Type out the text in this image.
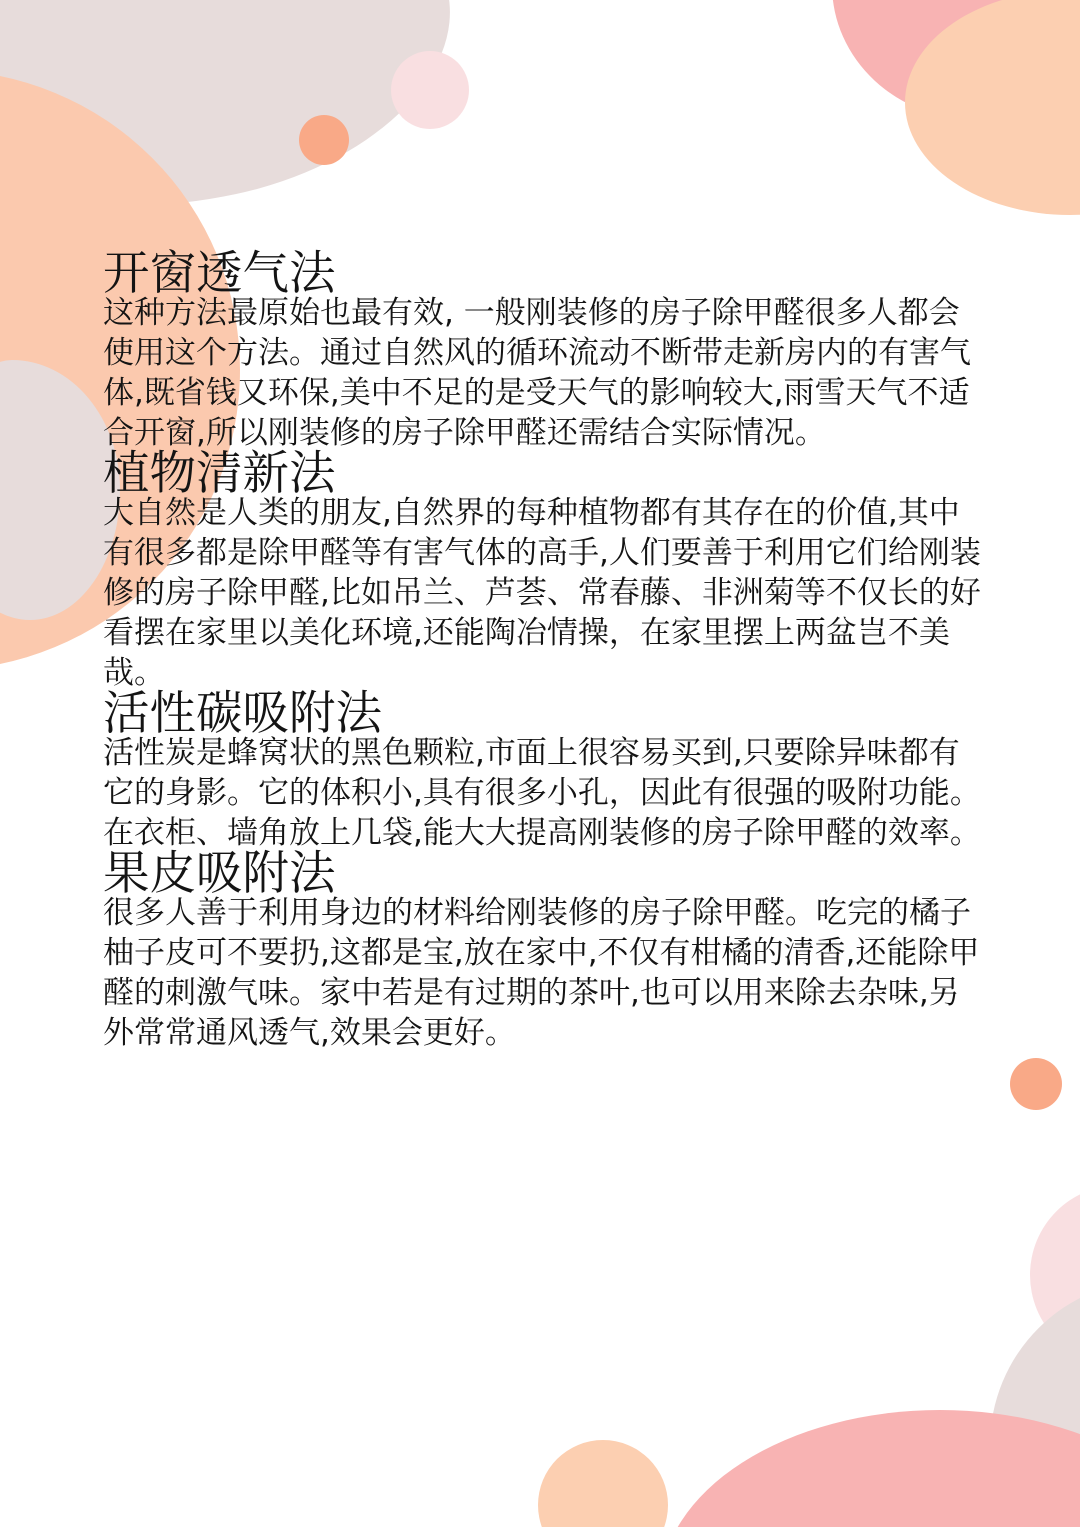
开窗透气法

这种方法最原始也最有效, 一般刚装修的房子除甲醛很多人都会使用这个方法。通过自然风的循环流动不断带走新房内的有害气体,既省钱又环保,美中不足的是受天气的影响较大,雨雪天气不适合开窗,所以刚装修的房子除甲醛还需结合实际情况。

植物清新法

大自然是人类的朋友,自然界的每种植物都有其存在的价值,其中有很多都是除甲醛等有害气体的高手,人们要善于利用它们给刚装修的房子除甲醛,比如吊兰、芦荟、常春藤、非洲菊等不仅长的好看摆在家里以美化环境,还能陶冶情操，在家里摆上两盆岂不美哉。

活性碳吸附法

活性炭是蜂窝状的黑色颗粒,市面上很容易买到,只要除异味都有它的身影。它的体积小,具有很多小孔，因此有很强的吸附功能。在衣柜、墙角放上几袋,能大大提高刚装修的房子除甲醛的效率。

果皮吸附法

很多人善于利用身边的材料给刚装修的房子除甲醛。吃完的橘子柚子皮可不要扔,这都是宝,放在家中,不仅有柑橘的清香,还能除甲醛的刺激气味。家中若是有过期的茶叶,也可以用来除去杂味,另外常常通风透气,效果会更好。

住小帮@西安东易日盛总部
